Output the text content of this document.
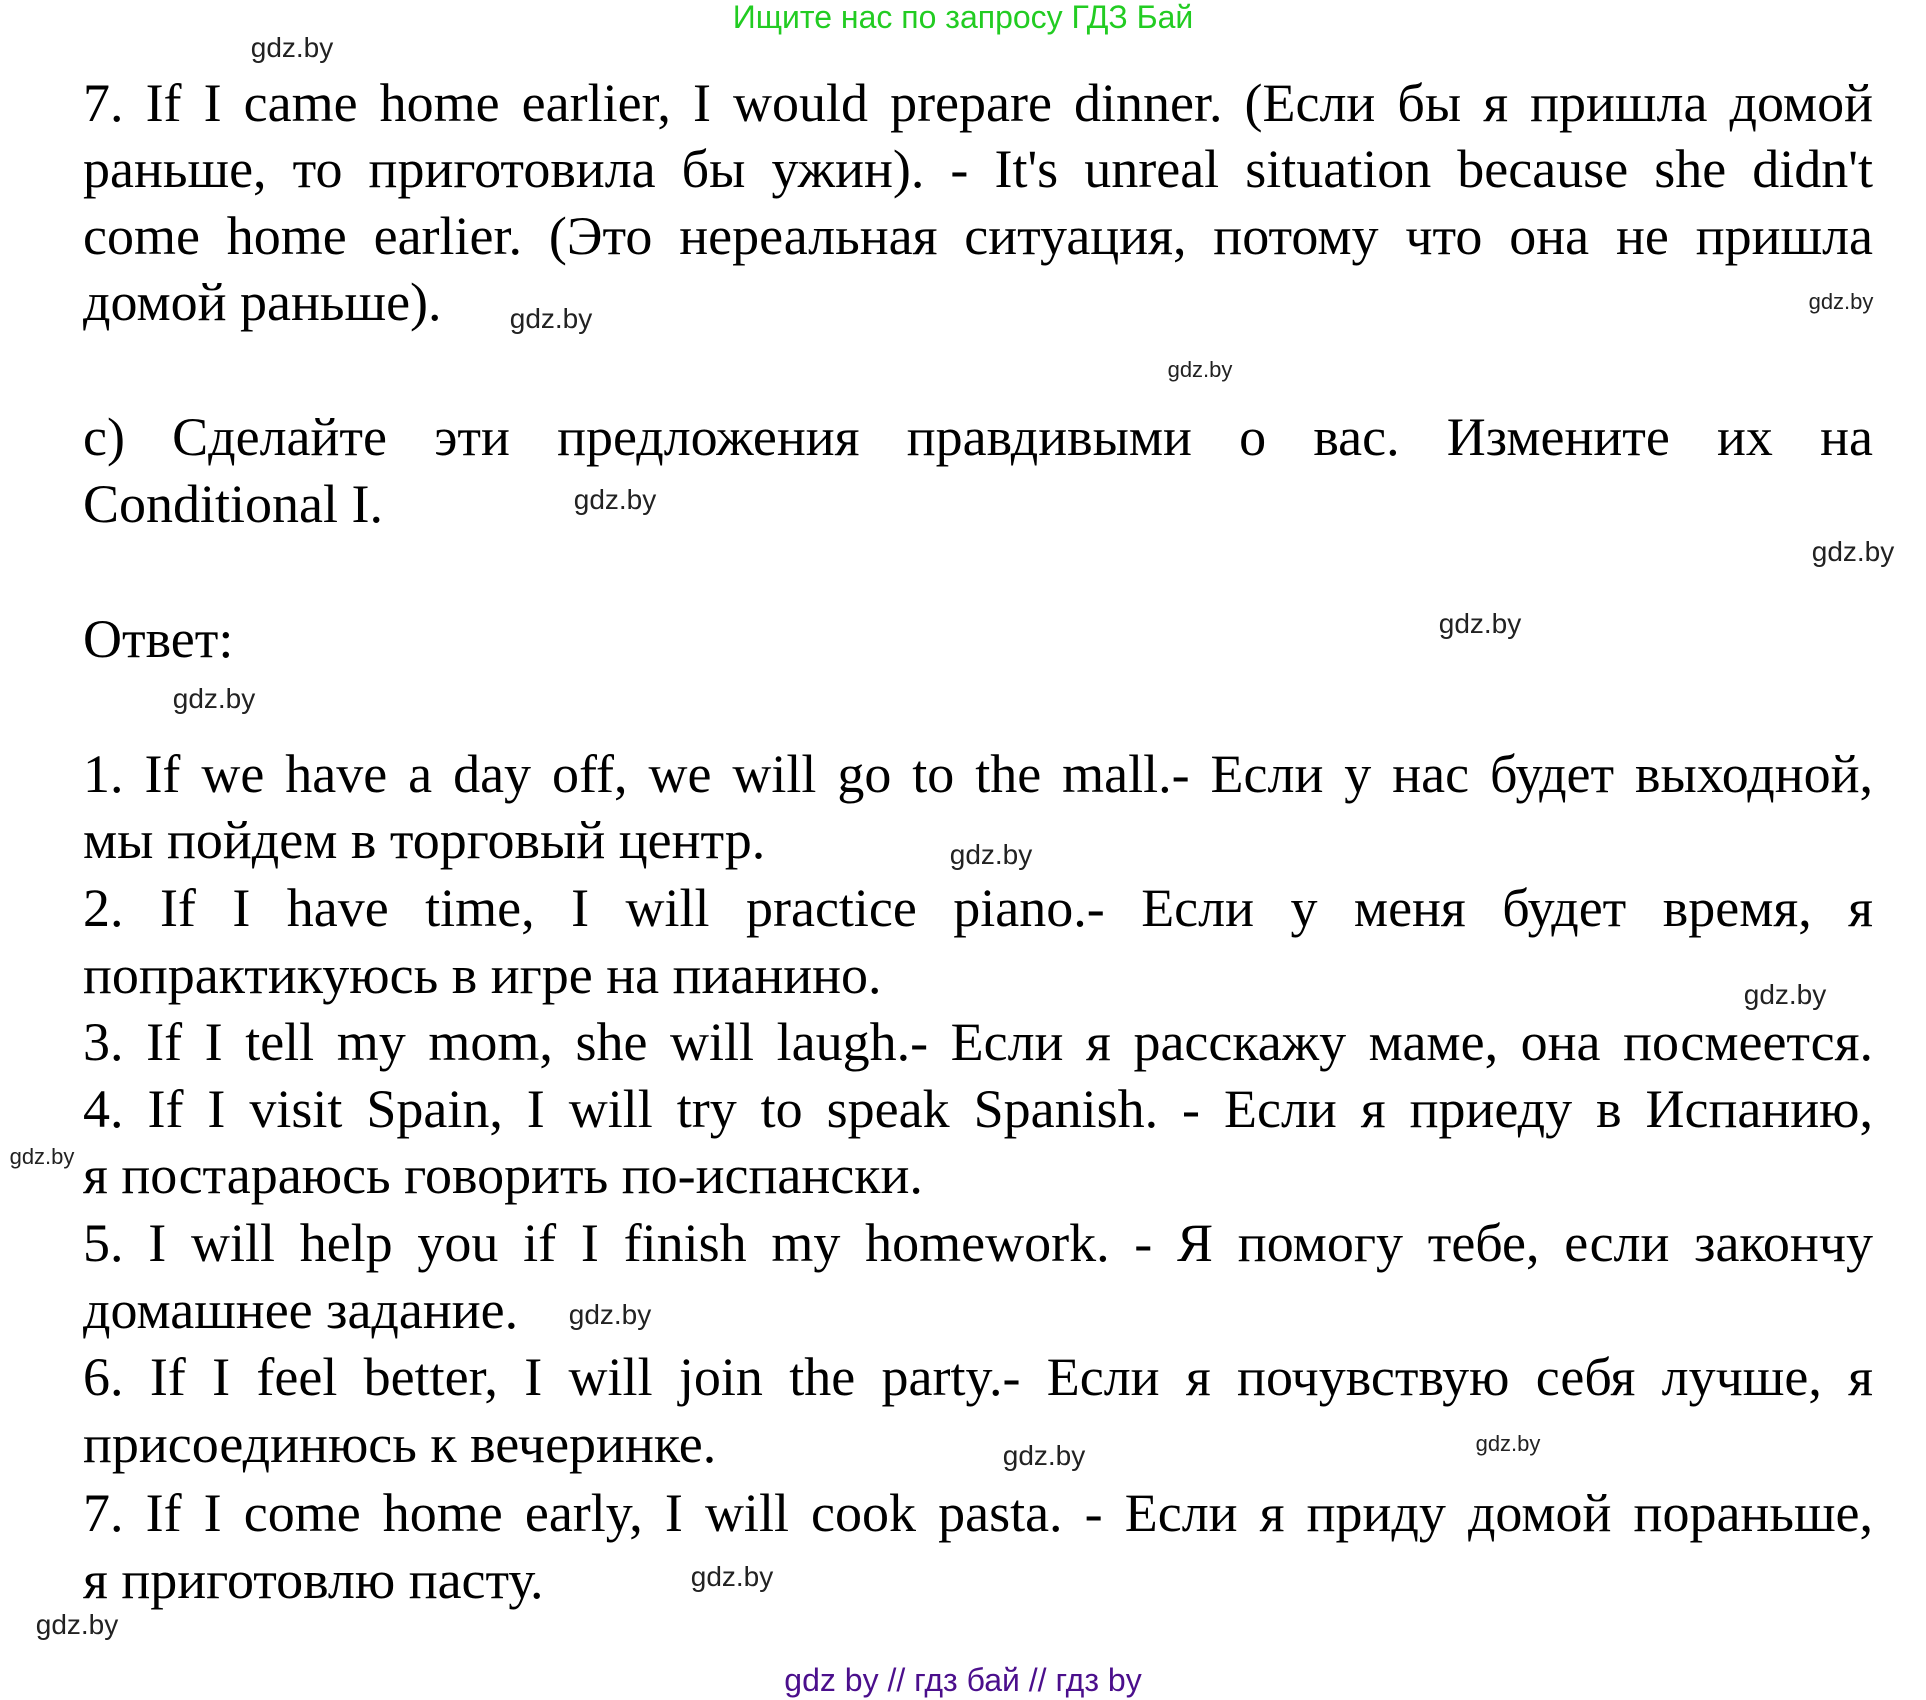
Ищите нас по запросу ГДЗ Бай
7. If I came home earlier, I would prepare dinner. (Если бы я пришла домой
раньше, то приготовила бы ужин). - It's unreal situation because she didn't
come home earlier. (Это нереальная ситуация, потому что она не пришла
домой раньше).
c) Сделайте эти предложения правдивыми о вас. Измените их на
Conditional I.
Ответ:
1. If we have a day off, we will go to the mall.- Если у нас будет выходной,
мы пойдем в торговый центр.
2. If I have time, I will practice piano.- Если у меня будет время, я
попрактикуюсь в игре на пианино.
3. If I tell my mom, she will laugh.- Если я расскажу маме, она посмеется.
4. If I visit Spain, I will try to speak Spanish. - Если я приеду в Испанию,
я постараюсь говорить по-испански.
5. I will help you if I finish my homework. - Я помогу тебе, если закончу
домашнее задание.
6. If I feel better, I will join the party.- Если я почувствую себя лучше, я
присоединюсь к вечеринке.
7. If I come home early, I will cook pasta. - Если я приду домой пораньше,
я приготовлю пасту.
gdz.by
gdz.by
gdz.by
gdz.by
gdz.by
gdz.by
gdz.by
gdz.by
gdz.by
gdz.by
gdz.by
gdz.by
gdz.by
gdz.by
gdz.by
gdz.by
gdz by // гдз бай // гдз by
